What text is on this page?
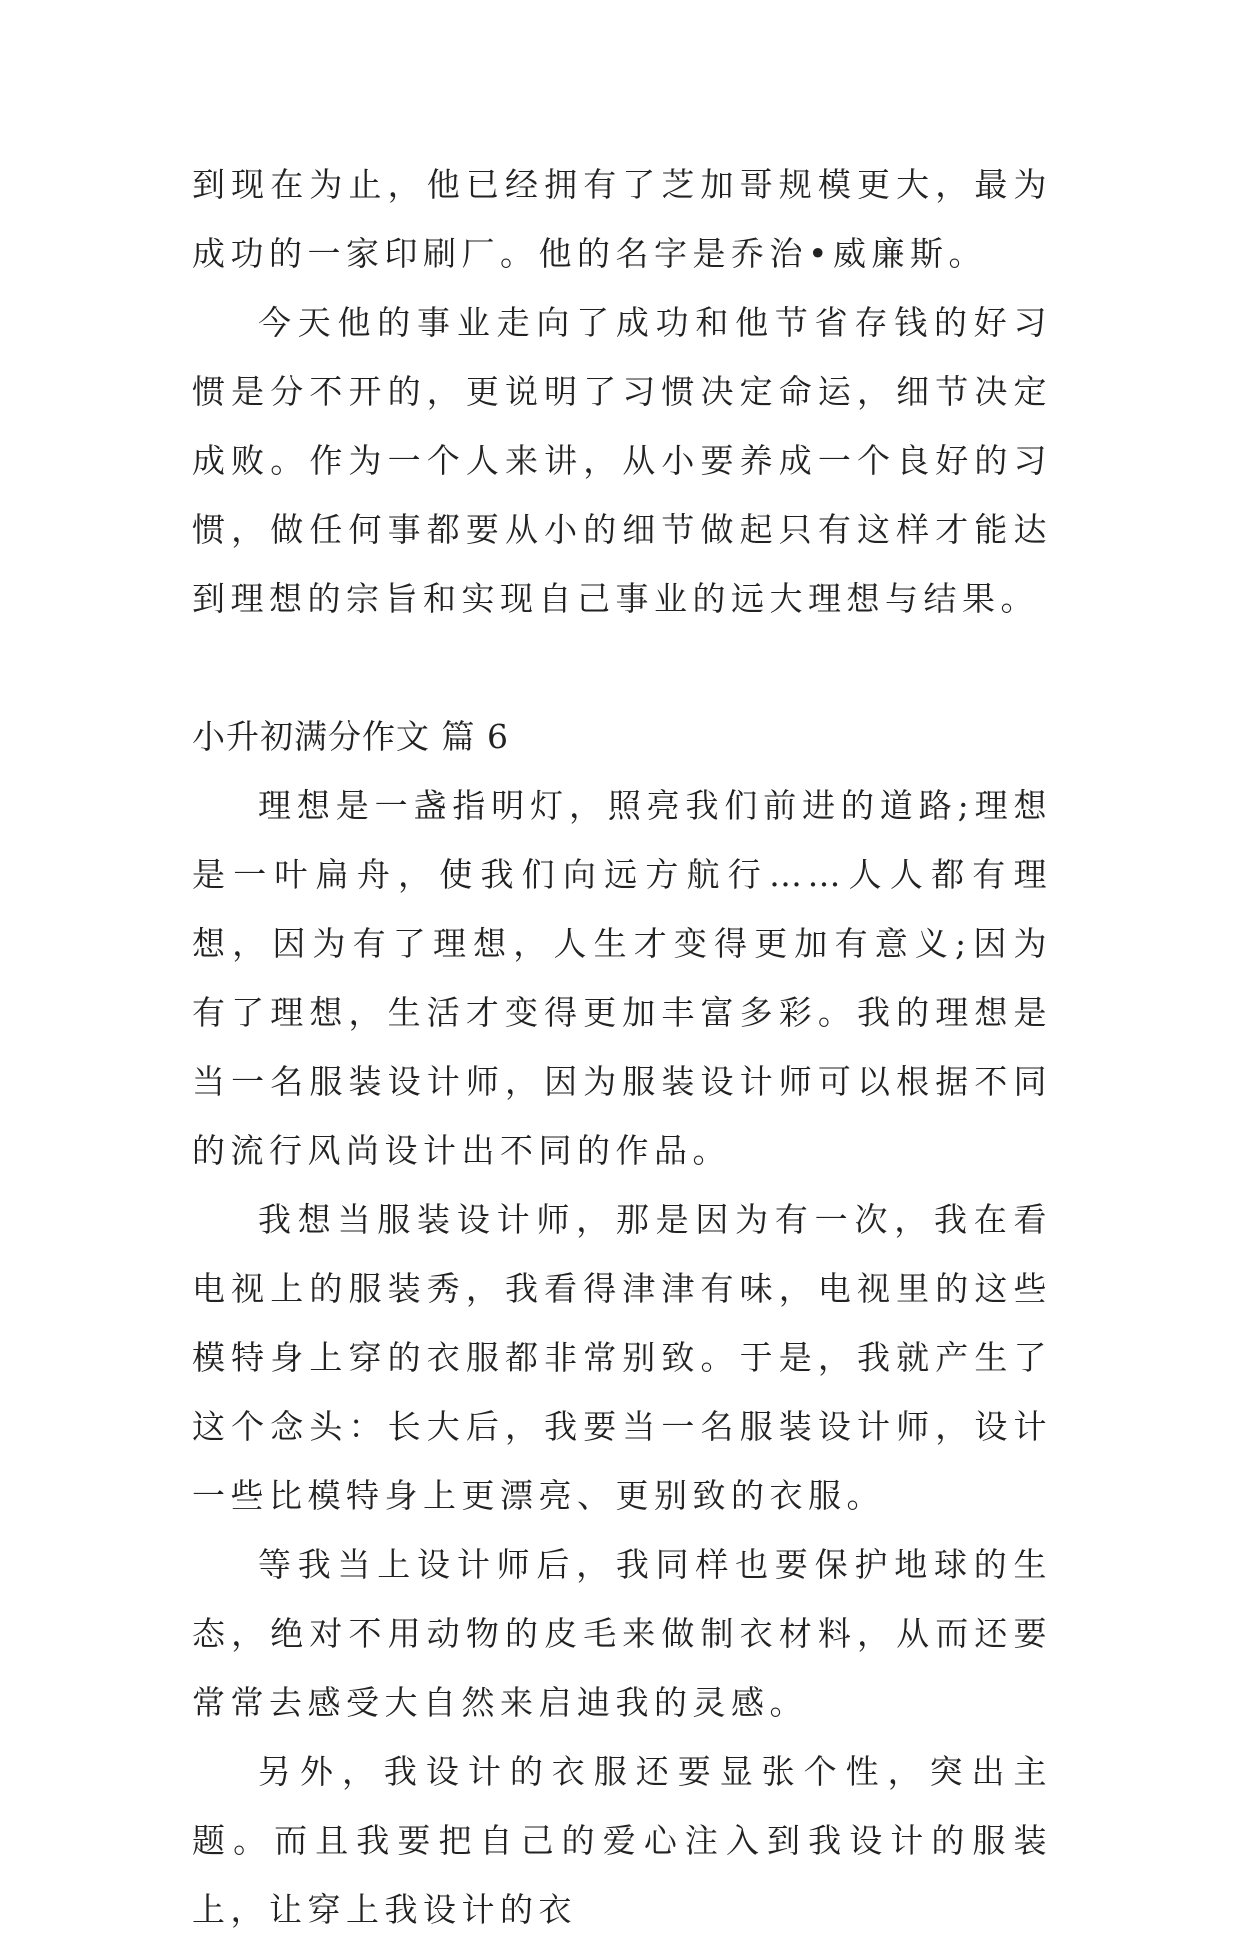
到现在为止，他已经拥有了芝加哥规模更大，最为成功的一家印刷厂。他的名字是乔治•威廉斯。

今天他的事业走向了成功和他节省存钱的好习惯是分不开的，更说明了习惯决定命运，细节决定成败。作为一个人来讲，从小要养成一个良好的习惯，做任何事都要从小的细节做起只有这样才能达到理想的宗旨和实现自己事业的远大理想与结果。

小升初满分作文 篇 6

理想是一盏指明灯，照亮我们前进的道路;理想是一叶扁舟，使我们向远方航行……人人都有理想，因为有了理想，人生才变得更加有意义;因为有了理想，生活才变得更加丰富多彩。我的理想是当一名服装设计师，因为服装设计师可以根据不同的流行风尚设计出不同的作品。

我想当服装设计师，那是因为有一次，我在看电视上的服装秀，我看得津津有味，电视里的这些模特身上穿的衣服都非常别致。于是，我就产生了这个念头：长大后，我要当一名服装设计师，设计一些比模特身上更漂亮、更别致的衣服。

等我当上设计师后，我同样也要保护地球的生态，绝对不用动物的皮毛来做制衣材料，从而还要常常去感受大自然来启迪我的灵感。

另外，我设计的衣服还要显张个性，突出主题。而且我要把自己的爱心注入到我设计的服装上，让穿上我设计的衣
